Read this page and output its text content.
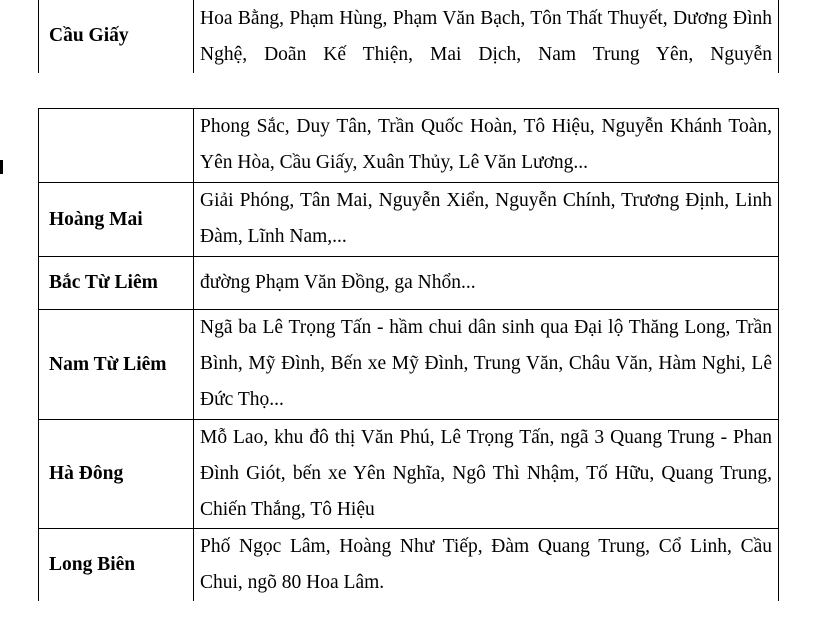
Cầu Giấy	Hoa Bằng, Phạm Hùng, Phạm Văn Bạch, Tôn Thất Thuyết, Dương Đình Nghệ, Doãn Kế Thiện, Mai Dịch, Nam Trung Yên, Nguyễn
	Phong Sắc, Duy Tân, Trần Quốc Hoàn, Tô Hiệu, Nguyễn Khánh Toàn, Yên Hòa, Cầu Giấy, Xuân Thủy, Lê Văn Lương...
Hoàng Mai	Giải Phóng, Tân Mai, Nguyễn Xiển, Nguyễn Chính, Trương Định, Linh Đàm, Lĩnh Nam,...
Bắc Từ Liêm	đường Phạm Văn Đồng, ga Nhổn...
Nam Từ Liêm	Ngã ba Lê Trọng Tấn - hầm chui dân sinh qua Đại lộ Thăng Long, Trần Bình, Mỹ Đình, Bến xe Mỹ Đình, Trung Văn, Châu Văn, Hàm Nghi, Lê Đức Thọ...
Hà Đông	Mỗ Lao, khu đô thị Văn Phú, Lê Trọng Tấn, ngã 3 Quang Trung - Phan Đình Giót, bến xe Yên Nghĩa, Ngô Thì Nhậm, Tố Hữu, Quang Trung, Chiến Thắng, Tô Hiệu
Long Biên	Phố Ngọc Lâm, Hoàng Như Tiếp, Đàm Quang Trung, Cổ Linh, Cầu Chui, ngõ 80 Hoa Lâm.
